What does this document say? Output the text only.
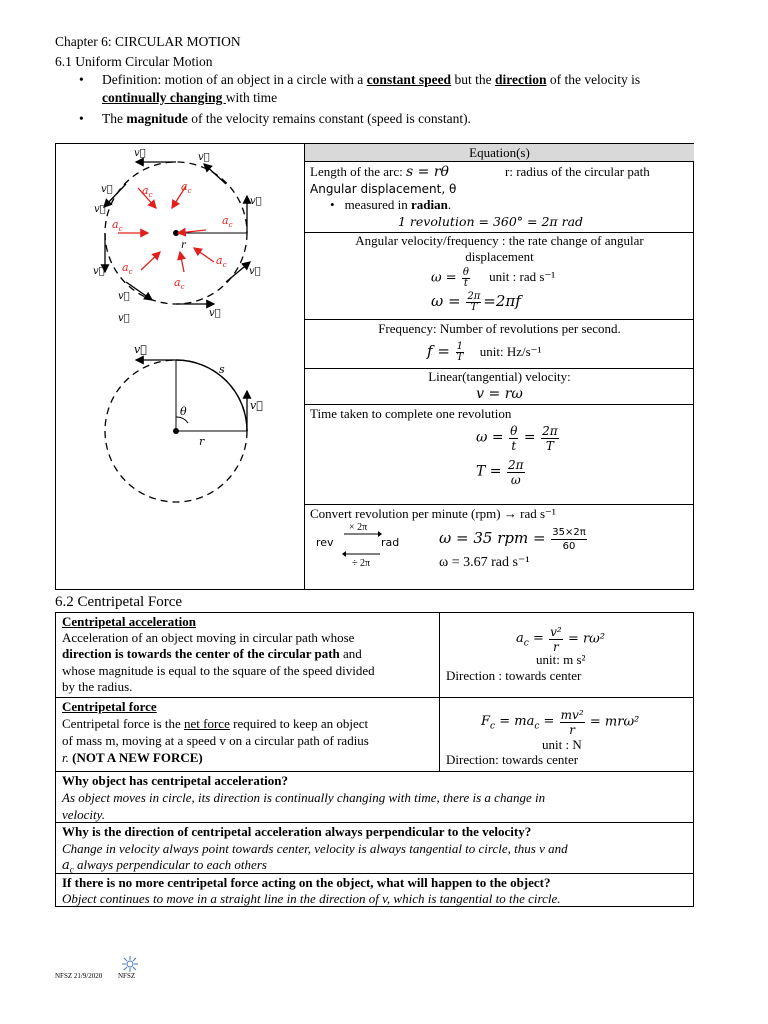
Chapter 6: CIRCULAR MOTION
6.1 Uniform Circular Motion
• Definition: motion of an object in a circle with a constant speed but the direction of the velocity is
continually changing with time
• The magnitude of the velocity remains constant (speed is constant).
Equation(s)
Length of the arc: s = rθ	r: radius of the circular path
Angular displacement, θ
• measured in radian.
1 revolution = 360° = 2π rad
Angular velocity/frequency : the rate change of angular
displacement
$\omega = \frac{\theta}{t}$ unit : rad s⁻¹
$\omega = \frac{2\pi}{T} =2\pi f$
Frequency: Number of revolutions per second.
$f = \frac{1}{T}$ unit: Hz/s⁻¹
Linear(tangential) velocity:
v = rω
Time taken to complete one revolution
$\omega = \frac{\theta}{t} = \frac{2\pi}{T}$
$T = \frac{2\pi}{\omega}$
Convert revolution per minute (rpm) → rad s⁻¹
× 2π
rev	rad
÷ 2π
ω = 35 rpm = $\frac{35\times 2\pi}{60}$
ω = 3.67 rad s⁻¹
v⃗
v⃗
v⃗
v⃗
v⃗
v⃗	v⃗
v⃗
v⃗
v⃗
r
$a_c$
$a_c$
$a_c$
$a_c$
$a_c$
$a_c$
$a_c$
v⃗
v⃗
s
θ
r
6.2 Centripetal Force
Centripetal acceleration
Acceleration of an object moving in circular path whose
direction is towards the center of the circular path and
whose magnitude is equal to the square of the speed divided
by the radius.
$a_c = \frac{\text{v²}}{r} = r\omega^2$
unit: m s²
Direction : towards center
Centripetal force
Centripetal force is the net force required to keep an object
of mass m, moving at a speed v on a circular path of radius
r. (NOT A NEW FORCE)
$F_c = ma_c = \frac{\text{mv²}}{r} = mr\omega^2$
unit : N
Direction: towards center
Why object has centripetal acceleration?
As object moves in circle, its direction is continually changing with time, there is a change in
velocity.
Why is the direction of centripetal acceleration always perpendicular to the velocity?
Change in velocity always point towards center, velocity is always tangential to circle, thus v and
$a_c$ always perpendicular to each others
If there is no more centripetal force acting on the object, what will happen to the object?
Object continues to move in a straight line in the direction of v, which is tangential to the circle.
NFSZ 21/9/2020 NFSZ
